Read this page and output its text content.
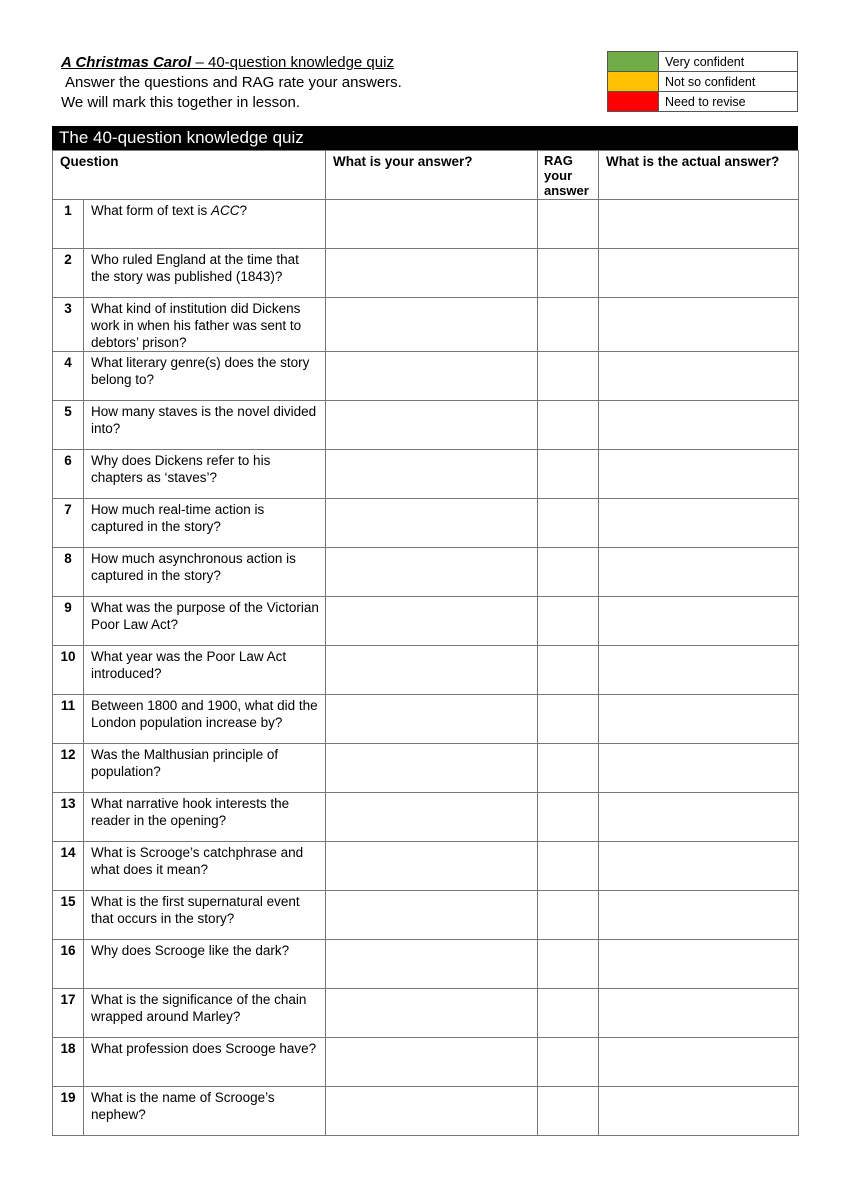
A Christmas Carol – 40-question knowledge quiz
Answer the questions and RAG rate your answers.
We will mark this together in lesson.
	Very confident
	Not so confident
	Need to revise
The 40-question knowledge quiz
Question		What is your answer?	RAG your answer	What is the actual answer?
1	What form of text is ACC?			
2	Who ruled England at the time that the story was published (1843)?			
3	What kind of institution did Dickens work in when his father was sent to debtors’ prison?			
4	What literary genre(s) does the story belong to?			
5	How many staves is the novel divided into?			
6	Why does Dickens refer to his chapters as ‘staves’?			
7	How much real-time action is captured in the story?			
8	How much asynchronous action is captured in the story?			
9	What was the purpose of the Victorian Poor Law Act?			
10	What year was the Poor Law Act introduced?			
11	Between 1800 and 1900, what did the London population increase by?			
12	Was the Malthusian principle of population?			
13	What narrative hook interests the reader in the opening?			
14	What is Scrooge’s catchphrase and what does it mean?			
15	What is the first supernatural event that occurs in the story?			
16	Why does Scrooge like the dark?			
17	What is the significance of the chain wrapped around Marley?			
18	What profession does Scrooge have?			
19	What is the name of Scrooge’s nephew?			
